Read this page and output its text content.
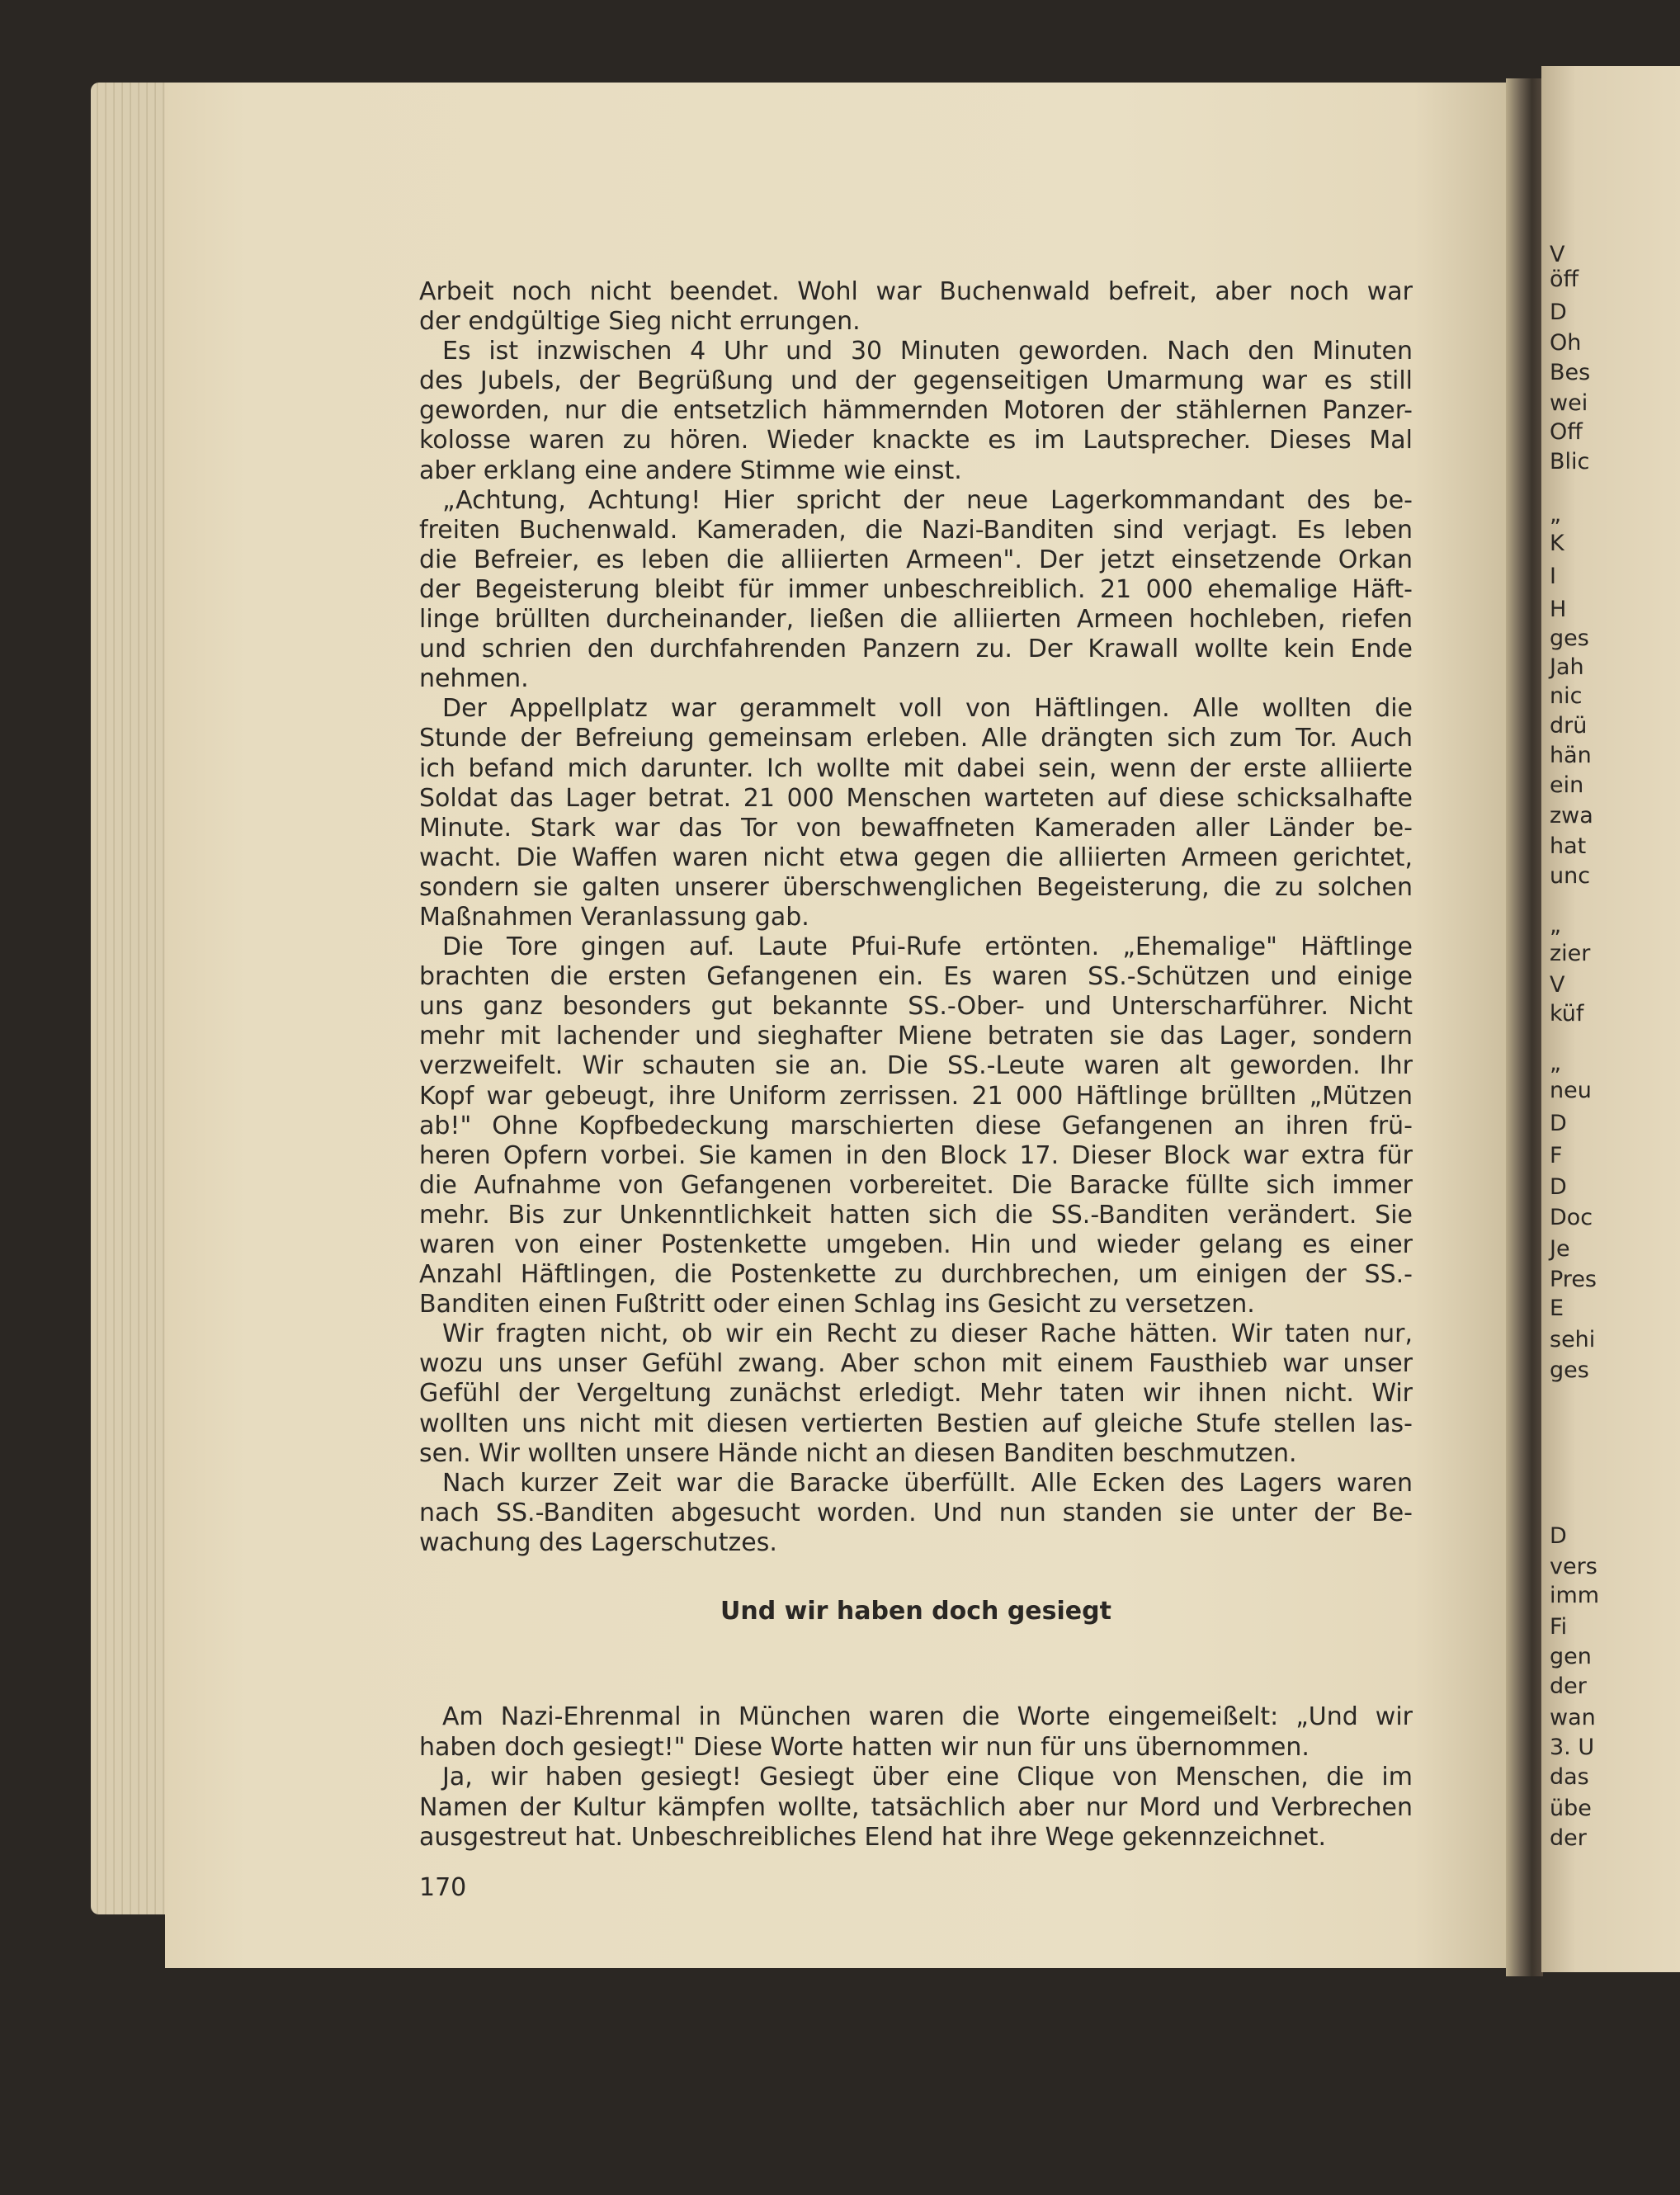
V
öff
D
Oh
Bes
wei
Off
Blic
„
K
I
H
ges
Jah
nic
drü
hän
ein
zwa
hat
unc
„
zier
V
küf
„
neu
D
F
D
Doc
Je
Pres
E
sehi
ges
D
vers
imm
Fi
gen
der
wan
3. U
das
übe
der
Arbeit noch nicht beendet. Wohl war Buchenwald befreit, aber noch war
der endgültige Sieg nicht errungen.
Es ist inzwischen 4 Uhr und 30 Minuten geworden. Nach den Minuten
des Jubels, der Begrüßung und der gegenseitigen Umarmung war es still
geworden, nur die entsetzlich hämmernden Motoren der stählernen Panzer-
kolosse waren zu hören. Wieder knackte es im Lautsprecher. Dieses Mal
aber erklang eine andere Stimme wie einst.
„Achtung, Achtung! Hier spricht der neue Lagerkommandant des be-
freiten Buchenwald. Kameraden, die Nazi-Banditen sind verjagt. Es leben
die Befreier, es leben die alliierten Armeen". Der jetzt einsetzende Orkan
der Begeisterung bleibt für immer unbeschreiblich. 21 000 ehemalige Häft-
linge brüllten durcheinander, ließen die alliierten Armeen hochleben, riefen
und schrien den durchfahrenden Panzern zu. Der Krawall wollte kein Ende
nehmen.
Der Appellplatz war gerammelt voll von Häftlingen. Alle wollten die
Stunde der Befreiung gemeinsam erleben. Alle drängten sich zum Tor. Auch
ich befand mich darunter. Ich wollte mit dabei sein, wenn der erste alliierte
Soldat das Lager betrat. 21 000 Menschen warteten auf diese schicksalhafte
Minute. Stark war das Tor von bewaffneten Kameraden aller Länder be-
wacht. Die Waffen waren nicht etwa gegen die alliierten Armeen gerichtet,
sondern sie galten unserer überschwenglichen Begeisterung, die zu solchen
Maßnahmen Veranlassung gab.
Die Tore gingen auf. Laute Pfui-Rufe ertönten. „Ehemalige" Häftlinge
brachten die ersten Gefangenen ein. Es waren SS.-Schützen und einige
uns ganz besonders gut bekannte SS.-Ober- und Unterscharführer. Nicht
mehr mit lachender und sieghafter Miene betraten sie das Lager, sondern
verzweifelt. Wir schauten sie an. Die SS.-Leute waren alt geworden. Ihr
Kopf war gebeugt, ihre Uniform zerrissen. 21 000 Häftlinge brüllten „Mützen
ab!" Ohne Kopfbedeckung marschierten diese Gefangenen an ihren frü-
heren Opfern vorbei. Sie kamen in den Block 17. Dieser Block war extra für
die Aufnahme von Gefangenen vorbereitet. Die Baracke füllte sich immer
mehr. Bis zur Unkenntlichkeit hatten sich die SS.-Banditen verändert. Sie
waren von einer Postenkette umgeben. Hin und wieder gelang es einer
Anzahl Häftlingen, die Postenkette zu durchbrechen, um einigen der SS.-
Banditen einen Fußtritt oder einen Schlag ins Gesicht zu versetzen.
Wir fragten nicht, ob wir ein Recht zu dieser Rache hätten. Wir taten nur,
wozu uns unser Gefühl zwang. Aber schon mit einem Fausthieb war unser
Gefühl der Vergeltung zunächst erledigt. Mehr taten wir ihnen nicht. Wir
wollten uns nicht mit diesen vertierten Bestien auf gleiche Stufe stellen las-
sen. Wir wollten unsere Hände nicht an diesen Banditen beschmutzen.
Nach kurzer Zeit war die Baracke überfüllt. Alle Ecken des Lagers waren
nach SS.-Banditen abgesucht worden. Und nun standen sie unter der Be-
wachung des Lagerschutzes.
Und wir haben doch gesiegt
Am Nazi-Ehrenmal in München waren die Worte eingemeißelt: „Und wir
haben doch gesiegt!" Diese Worte hatten wir nun für uns übernommen.
Ja, wir haben gesiegt! Gesiegt über eine Clique von Menschen, die im
Namen der Kultur kämpfen wollte, tatsächlich aber nur Mord und Verbrechen
ausgestreut hat. Unbeschreibliches Elend hat ihre Wege gekennzeichnet.
170
